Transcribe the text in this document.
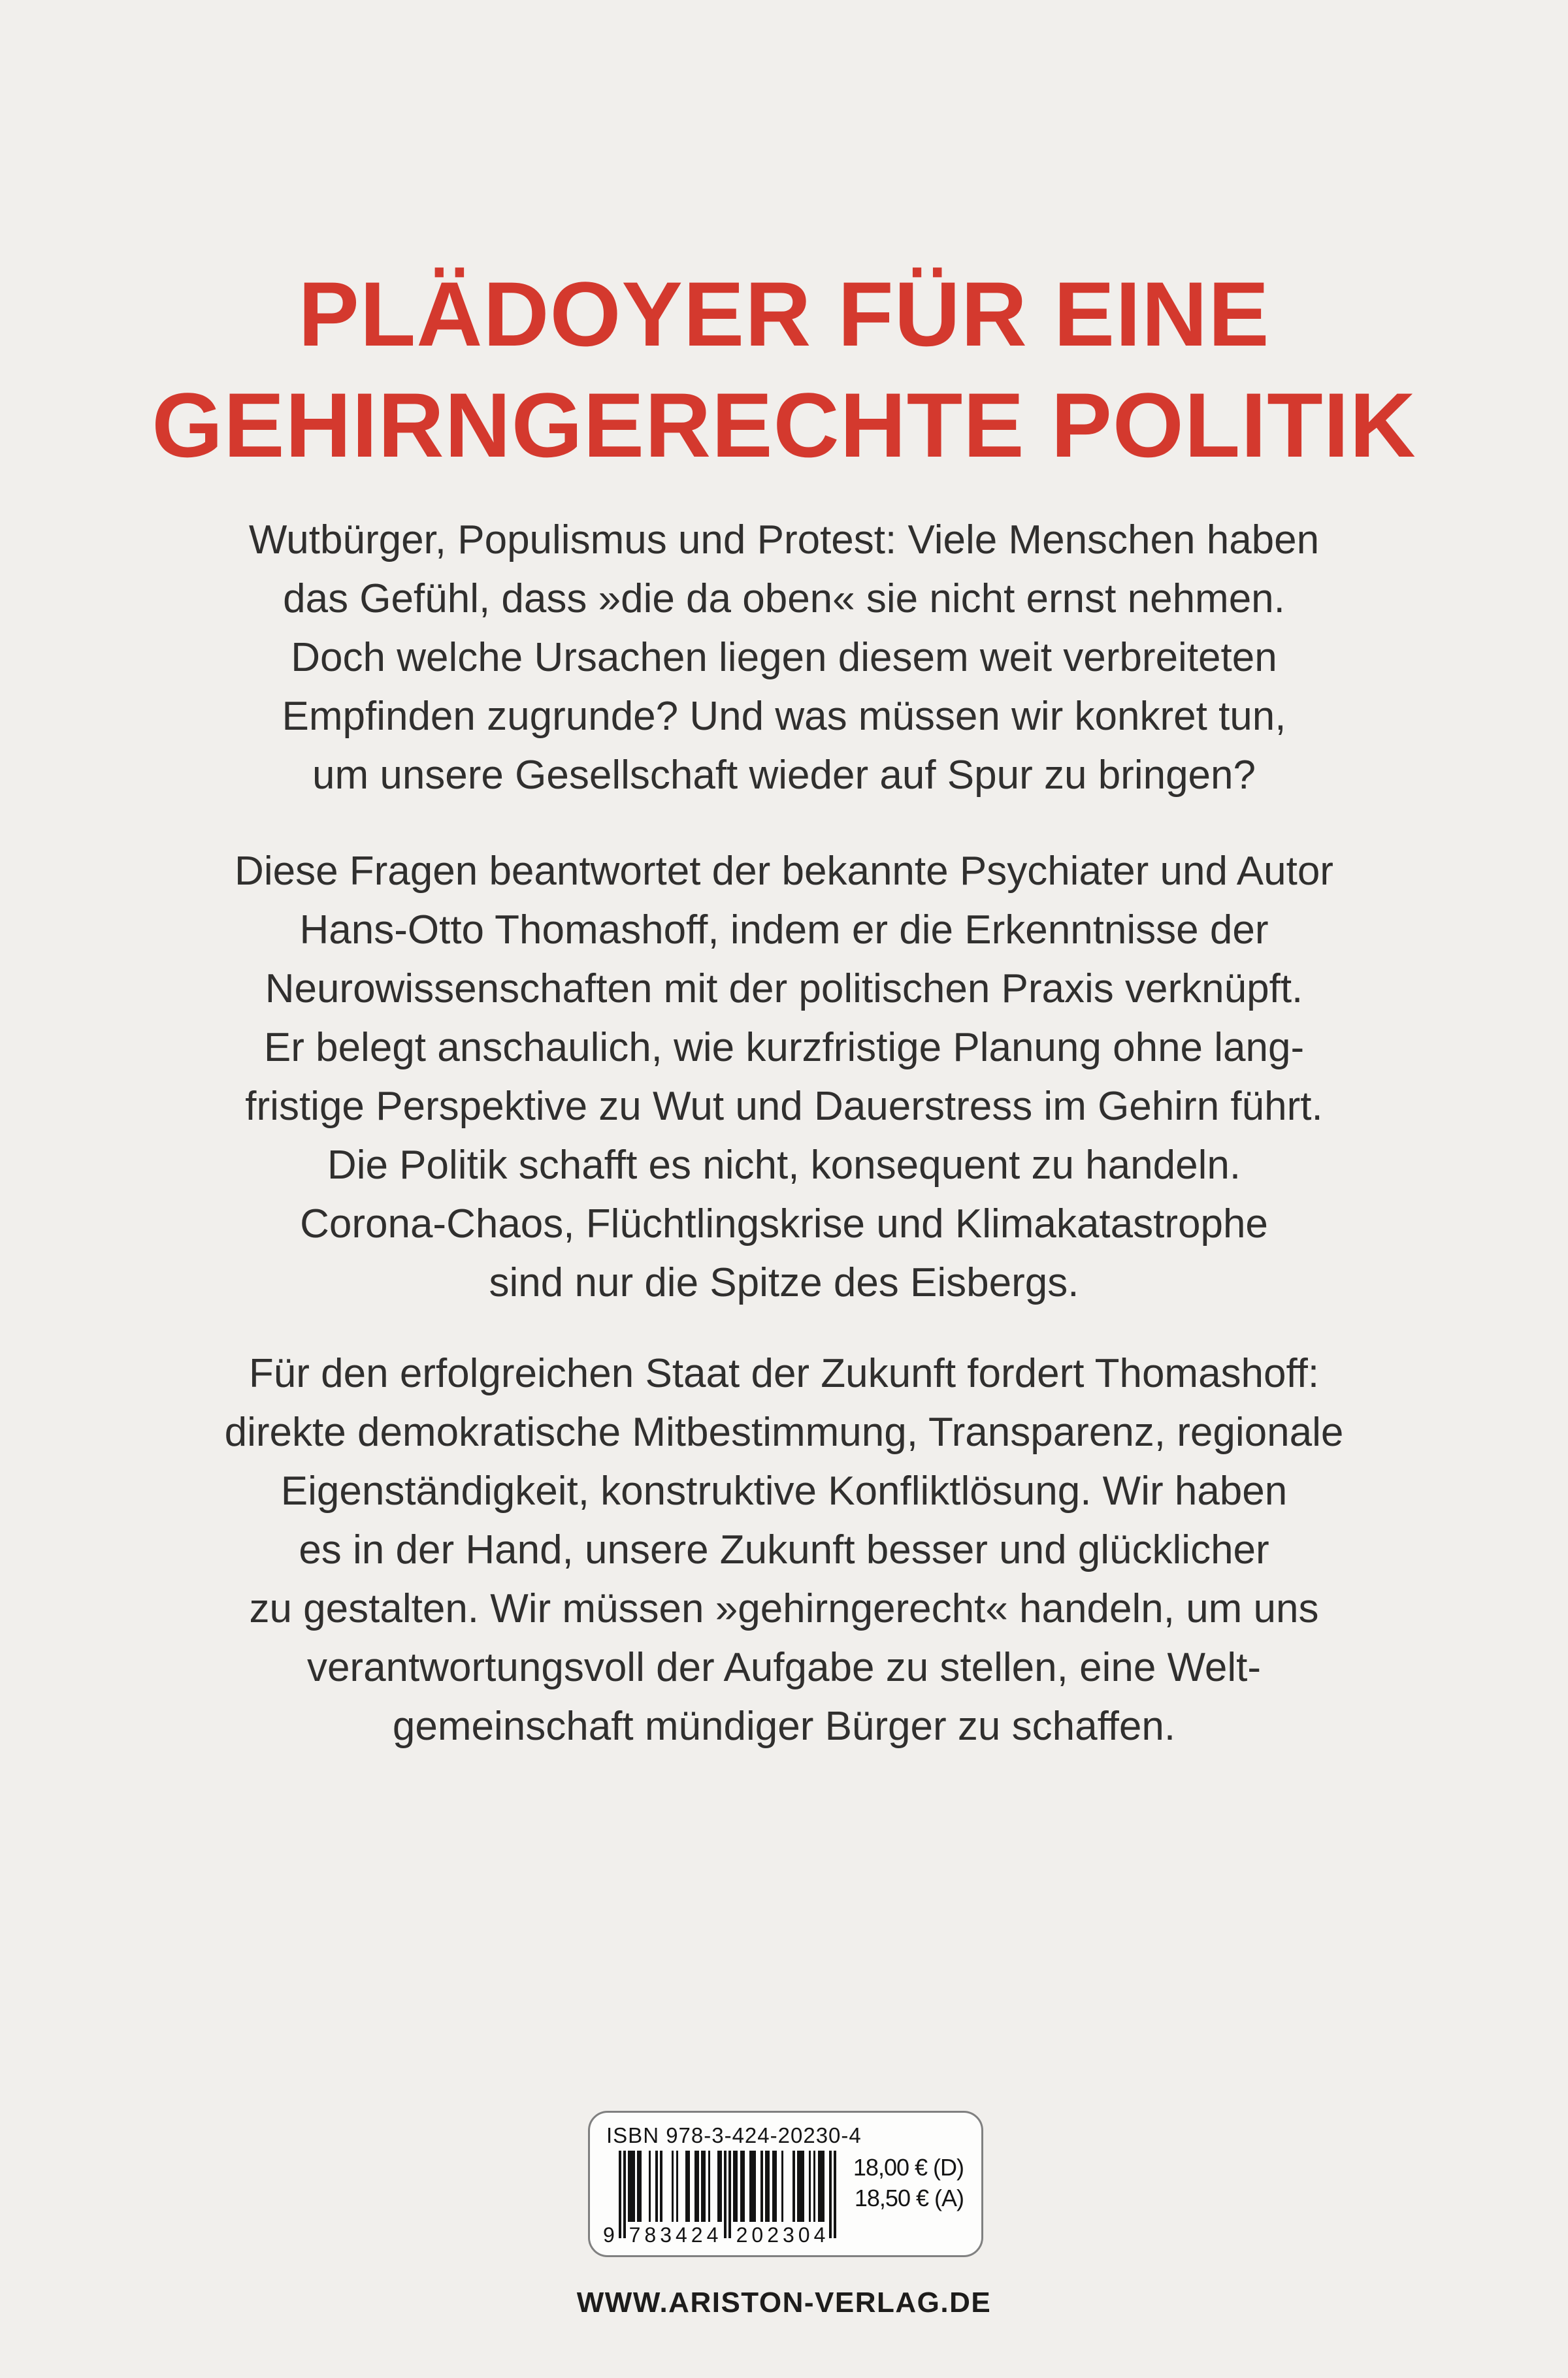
PLÄDOYER FÜR EINE
GEHIRNGERECHTE POLITIK
Wutbürger, Populismus und Protest: Viele Menschen haben
das Gefühl, dass »die da oben« sie nicht ernst nehmen.
Doch welche Ursachen liegen diesem weit verbreiteten
Empfinden zugrunde? Und was müssen wir konkret tun,
um unsere Gesellschaft wieder auf Spur zu bringen?
Diese Fragen beantwortet der bekannte Psychiater und Autor
Hans-Otto Thomashoff, indem er die Erkenntnisse der
Neurowissenschaften mit der politischen Praxis verknüpft.
Er belegt anschaulich, wie kurzfristige Planung ohne lang-
fristige Perspektive zu Wut und Dauerstress im Gehirn führt.
Die Politik schafft es nicht, konsequent zu handeln.
Corona-Chaos, Flüchtlingskrise und Klimakatastrophe
sind nur die Spitze des Eisbergs.
Für den erfolgreichen Staat der Zukunft fordert Thomashoff:
direkte demokratische Mitbestimmung, Transparenz, regionale
Eigenständigkeit, konstruktive Konfliktlösung. Wir haben
es in der Hand, unsere Zukunft besser und glücklicher
zu gestalten. Wir müssen »gehirngerecht« handeln, um uns
verantwortungsvoll der Aufgabe zu stellen, eine Welt-
gemeinschaft mündiger Bürger zu schaffen.
ISBN 978-3-424-20230-4
9 783424 202304
18,00 € (D)
18,50 € (A)
WWW.ARISTON-VERLAG.DE
